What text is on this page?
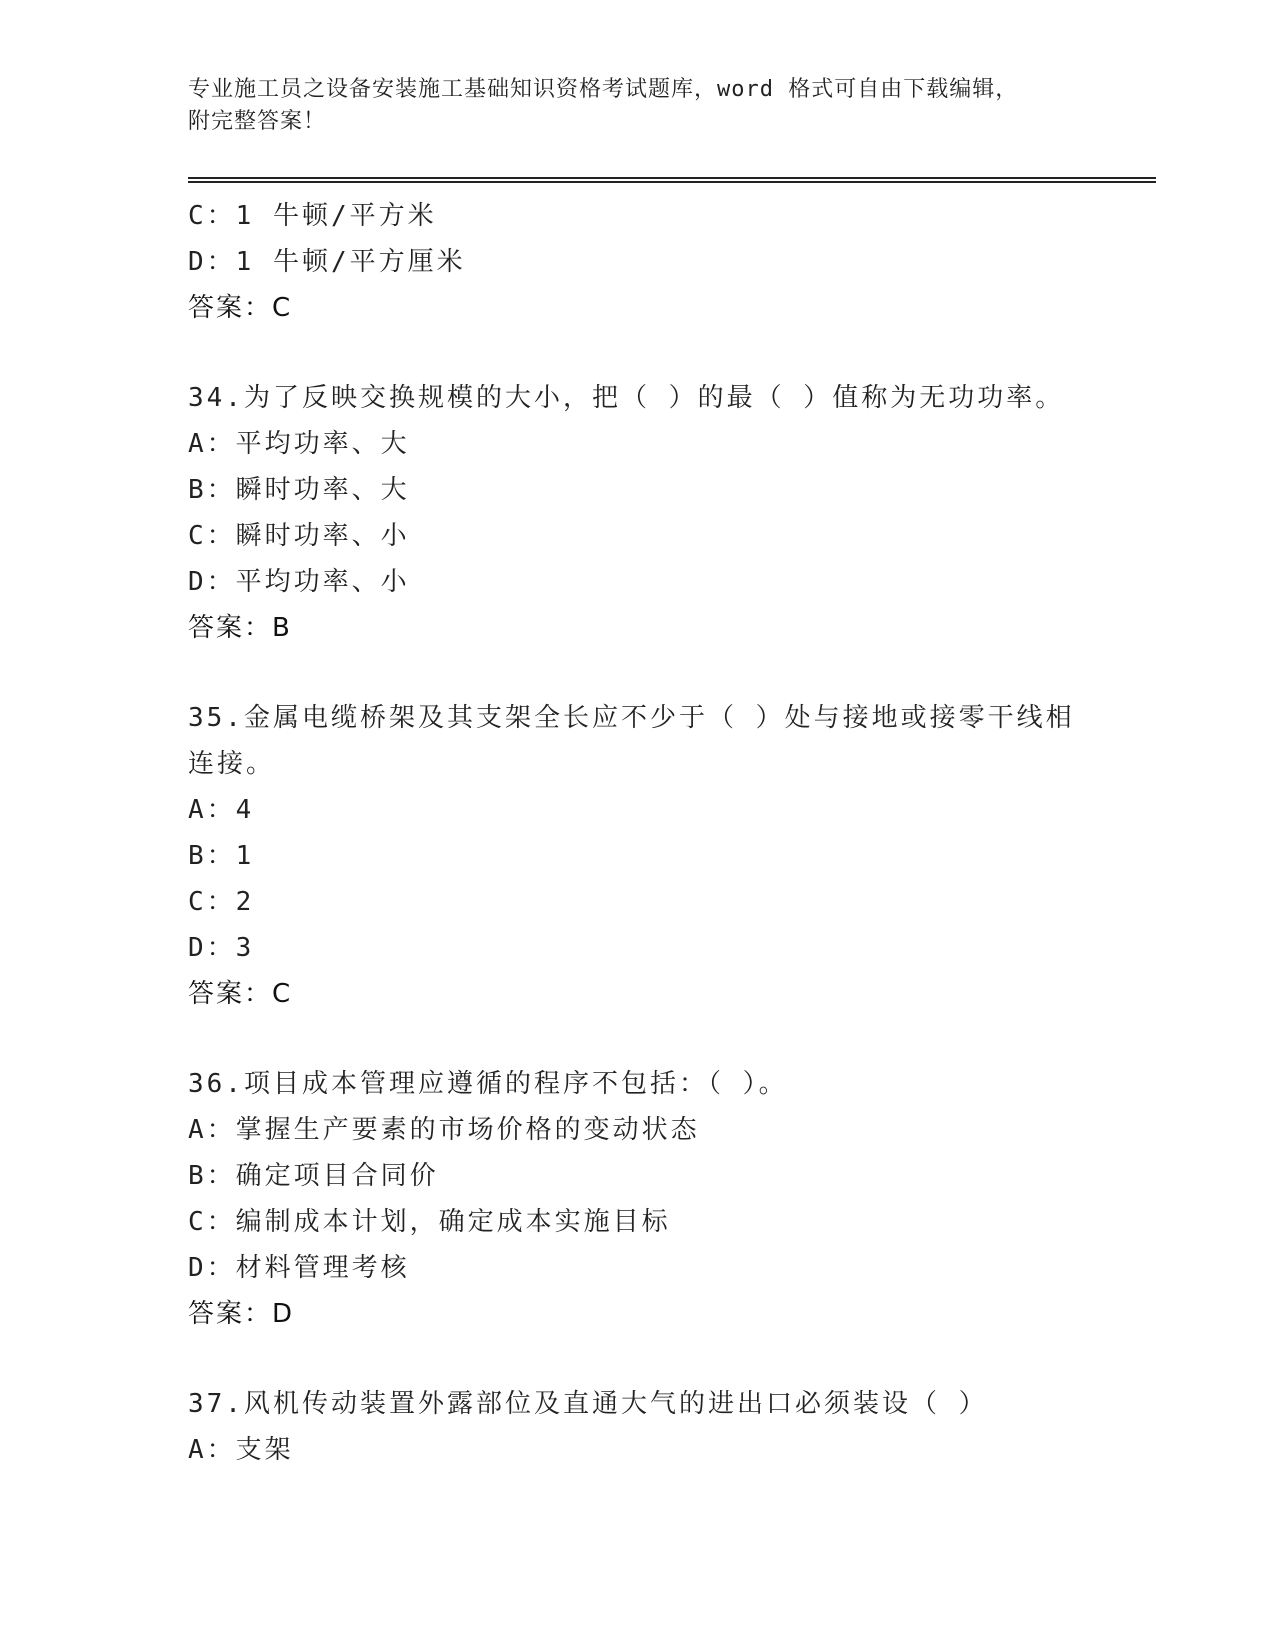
专业施工员之设备安装施工基础知识资格考试题库，word 格式可自由下载编辑，
附完整答案！
C：1 牛顿/平方米
D：1 牛顿/平方厘米
答案：C
34.为了反映交换规模的大小，把（ ）的最（ ）值称为无功功率。
A：平均功率、大
B：瞬时功率、大
C：瞬时功率、小
D：平均功率、小
答案：B
35.金属电缆桥架及其支架全长应不少于（ ）处与接地或接零干线相
连接。
A：4
B：1
C：2
D：3
答案：C
36.项目成本管理应遵循的程序不包括：（ ）。
A：掌握生产要素的市场价格的变动状态
B：确定项目合同价
C：编制成本计划，确定成本实施目标
D：材料管理考核
答案：D
37.风机传动装置外露部位及直通大气的进出口必须装设（ ）
A：支架
